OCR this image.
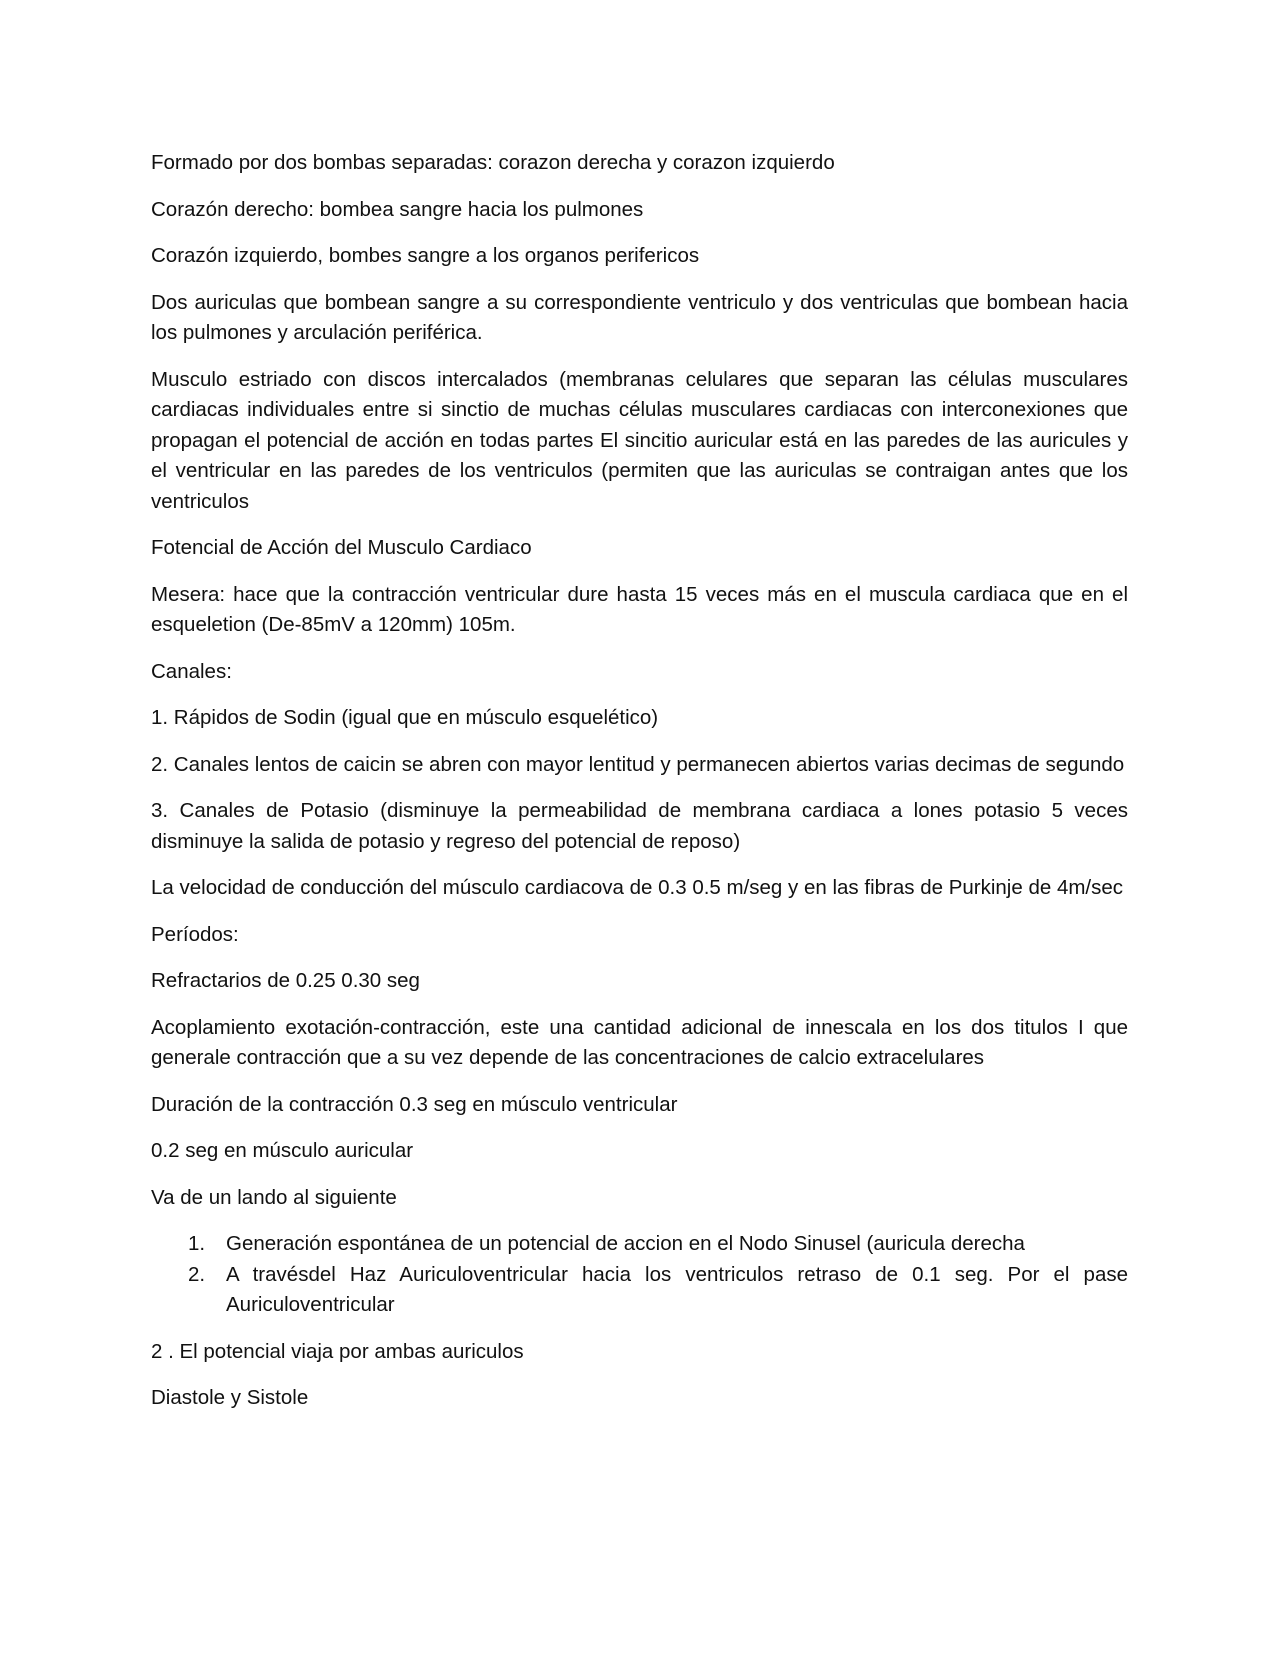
Formado por dos bombas separadas: corazon derecha y corazon izquierdo

Corazón derecho: bombea sangre hacia los pulmones

Corazón izquierdo, bombes sangre a los organos perifericos

Dos auriculas que bombean sangre a su correspondiente ventriculo y dos ventriculas que bombean hacia los pulmones y arculación periférica.

Musculo estriado con discos intercalados (membranas celulares que separan las células musculares cardiacas individuales entre si sinctio de muchas células musculares cardiacas con interconexiones que propagan el potencial de acción en todas partes El sincitio auricular está en las paredes de las auricules y el ventricular en las paredes de los ventriculos (permiten que las auriculas se contraigan antes que los ventriculos

Fotencial de Acción del Musculo Cardiaco

Mesera: hace que la contracción ventricular dure hasta 15 veces más en el muscula cardiaca que en el esqueletion (De-85mV a 120mm) 105m.

Canales:

1. Rápidos de Sodin (igual que en músculo esquelético)

2. Canales lentos de caicin se abren con mayor lentitud y permanecen abiertos varias decimas de segundo

3. Canales de Potasio (disminuye la permeabilidad de membrana cardiaca a lones potasio 5 veces disminuye la salida de potasio y regreso del potencial de reposo)

La velocidad de conducción del músculo cardiacova de 0.3 0.5 m/seg y en las fibras de Purkinje de 4m/sec

Períodos:

Refractarios de 0.25 0.30 seg

Acoplamiento exotación-contracción, este una cantidad adicional de innescala en los dos titulos I que generale contracción que a su vez depende de las concentraciones de calcio extracelulares

Duración de la contracción 0.3 seg en músculo ventricular

0.2 seg en músculo auricular

Va de un lando al siguiente

1. Generación espontánea de un potencial de accion en el Nodo Sinusel (auricula derecha
2. A travésdel Haz Auriculoventricular hacia los ventriculos retraso de 0.1 seg. Por el pase Auriculoventricular

2 . El potencial viaja por ambas auriculos

Diastole y Sistole
